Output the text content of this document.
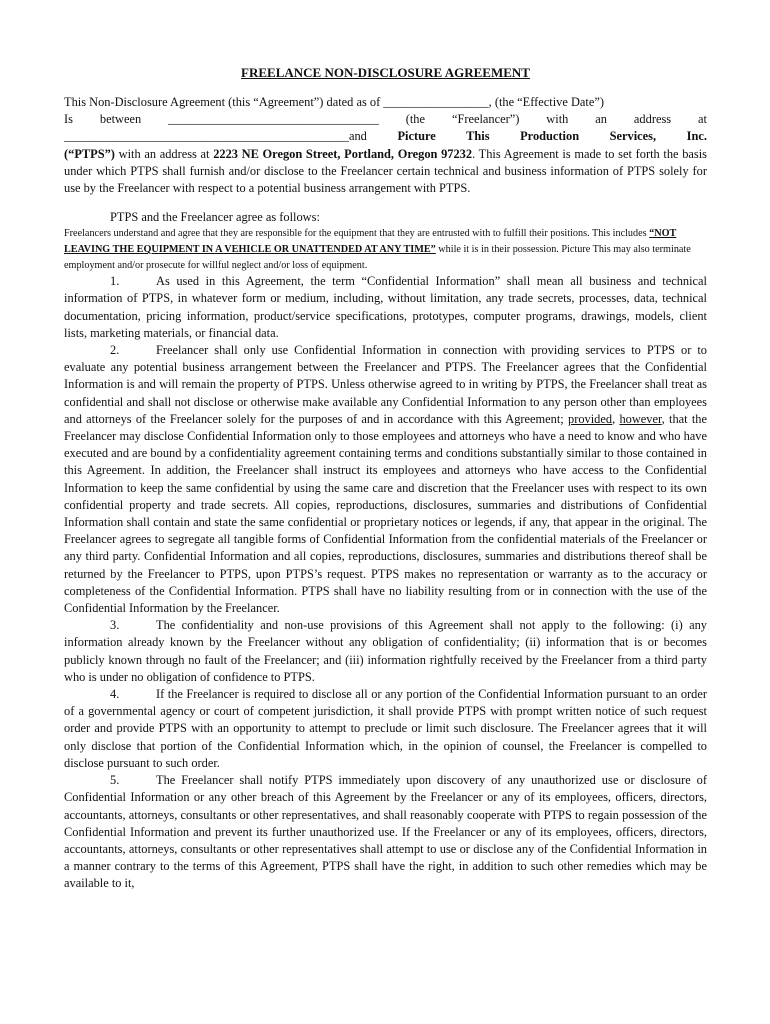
FREELANCE NON-DISCLOSURE AGREEMENT

This Non-Disclosure Agreement (this “Agreement”) dated as of _________________, (the “Effective Date”)

Is between __________________________________ (the “Freelancer”) with an address at

______________________________________________and Picture This Production Services, Inc.

(“PTPS”) with an address at 2223 NE Oregon Street, Portland, Oregon 97232. This Agreement is made to set forth the basis under which PTPS shall furnish and/or disclose to the Freelancer certain technical and business information of PTPS solely for use by the Freelancer with respect to a potential business arrangement with PTPS.

PTPS and the Freelancer agree as follows:

Freelancers understand and agree that they are responsible for the equipment that they are entrusted with to fulfill their positions. This includes “NOT LEAVING THE EQUIPMENT IN A VEHICLE OR UNATTENDED AT ANY TIME” while it is in their possession. Picture This may also terminate employment and/or prosecute for willful neglect and/or loss of equipment.

1.	As used in this Agreement, the term “Confidential Information” shall mean all business and technical information of PTPS, in whatever form or medium, including, without limitation, any trade secrets, processes, data, technical documentation, pricing information, product/service specifications, prototypes, computer programs, drawings, models, client lists, marketing materials, or financial data.

2.	Freelancer shall only use Confidential Information in connection with providing services to PTPS or to evaluate any potential business arrangement between the Freelancer and PTPS. The Freelancer agrees that the Confidential Information is and will remain the property of PTPS. Unless otherwise agreed to in writing by PTPS, the Freelancer shall treat as confidential and shall not disclose or otherwise make available any Confidential Information to any person other than employees and attorneys of the Freelancer solely for the purposes of and in accordance with this Agreement; provided, however, that the Freelancer may disclose Confidential Information only to those employees and attorneys who have a need to know and who have executed and are bound by a confidentiality agreement containing terms and conditions substantially similar to those contained in this Agreement. In addition, the Freelancer shall instruct its employees and attorneys who have access to the Confidential Information to keep the same confidential by using the same care and discretion that the Freelancer uses with respect to its own confidential property and trade secrets. All copies, reproductions, disclosures, summaries and distributions of Confidential Information shall contain and state the same confidential or proprietary notices or legends, if any, that appear in the original. The Freelancer agrees to segregate all tangible forms of Confidential Information from the confidential materials of the Freelancer or any third party. Confidential Information and all copies, reproductions, disclosures, summaries and distributions thereof shall be returned by the Freelancer to PTPS, upon PTPS’s request. PTPS makes no representation or warranty as to the accuracy or completeness of the Confidential Information. PTPS shall have no liability resulting from or in connection with the use of the Confidential Information by the Freelancer.

3.	The confidentiality and non-use provisions of this Agreement shall not apply to the following: (i) any information already known by the Freelancer without any obligation of confidentiality; (ii) information that is or becomes publicly known through no fault of the Freelancer; and (iii) information rightfully received by the Freelancer from a third party who is under no obligation of confidence to PTPS.

4.	If the Freelancer is required to disclose all or any portion of the Confidential Information pursuant to an order of a governmental agency or court of competent jurisdiction, it shall provide PTPS with prompt written notice of such request order and provide PTPS with an opportunity to attempt to preclude or limit such disclosure. The Freelancer agrees that it will only disclose that portion of the Confidential Information which, in the opinion of counsel, the Freelancer is compelled to disclose pursuant to such order.

5.	The Freelancer shall notify PTPS immediately upon discovery of any unauthorized use or disclosure of Confidential Information or any other breach of this Agreement by the Freelancer or any of its employees, officers, directors, accountants, attorneys, consultants or other representatives, and shall reasonably cooperate with PTPS to regain possession of the Confidential Information and prevent its further unauthorized use. If the Freelancer or any of its employees, officers, directors, accountants, attorneys, consultants or other representatives shall attempt to use or disclose any of the Confidential Information in a manner contrary to the terms of this Agreement, PTPS shall have the right, in addition to such other remedies which may be available to it,
